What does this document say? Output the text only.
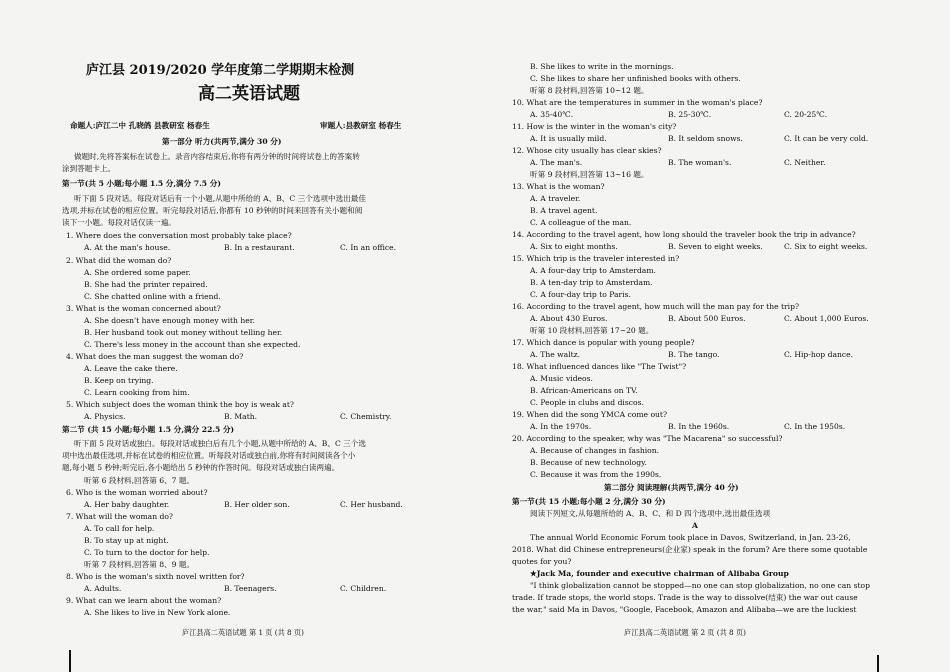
庐江县 2019/2020 学年度第二学期期末检测
高二英语试题
命题人:庐江二中 孔晓鸽 县教研室 杨春生	审题人:县教研室 杨春生
第一部分 听力(共两节,满分 30 分)
做题时,先将答案标在试卷上。录音内容结束后,你将有两分钟的时间将试卷上的答案转
涂到答题卡上。
第一节(共 5 小题;每小题 1.5 分,满分 7.5 分)
听下面 5 段对话。每段对话后有一个小题,从题中所给的 A、B、C 三个选项中选出最佳
选项,并标在试卷的相应位置。听完每段对话后,你都有 10 秒钟的时间来回答有关小题和阅
读下一小题。每段对话仅读一遍。
1. Where does the conversation most probably take place?
A. At the man's house.	B. In a restaurant.	C. In an office.
2. What did the woman do?
A. She ordered some paper.
B. She had the printer repaired.
C. She chatted online with a friend.
3. What is the woman concerned about?
A. She doesn't have enough money with her.
B. Her husband took out money without telling her.
C. There's less money in the account than she expected.
4. What does the man suggest the woman do?
A. Leave the cake there.
B. Keep on trying.
C. Learn cooking from him.
5. Which subject does the woman think the boy is weak at?
A. Physics.	B. Math.	C. Chemistry.
第二节 (共 15 小题;每小题 1.5 分,满分 22.5 分)
听下面 5 段对话或独白。每段对话或独白后有几个小题,从题中所给的 A、B、C 三个选
项中选出最佳选项,并标在试卷的相应位置。听每段对话或独白前,你将有时间阅读各个小
题,每小题 5 秒钟;听完后,各小题给出 5 秒钟的作答时间。每段对话或独白读两遍。
听第 6 段材料,回答第 6、7 题。
6. Who is the woman worried about?
A. Her baby daughter.	B. Her older son.	C. Her husband.
7. What will the woman do?
A. To call for help.
B. To stay up at night.
C. To turn to the doctor for help.
听第 7 段材料,回答第 8、9 题。
8. Who is the woman's sixth novel written for?
A. Adults.	B. Teenagers.	C. Children.
9. What can we learn about the woman?
A. She likes to live in New York alone.
庐江县高二英语试题 第 1 页 (共 8 页)
B. She likes to write in the mornings.
C. She likes to share her unfinished books with others.
听第 8 段材料,回答第 10~12 题。
10. What are the temperatures in summer in the woman's place?
A. 35-40℃.	B. 25-30℃.	C. 20-25℃.
11. How is the winter in the woman's city?
A. It is usually mild.	B. It seldom snows.	C. It can be very cold.
12. Whose city usually has clear skies?
A. The man's.	B. The woman's.	C. Neither.
听第 9 段材料,回答第 13~16 题。
13. What is the woman?
A. A traveler.
B. A travel agent.
C. A colleague of the man.
14. According to the travel agent, how long should the traveler book the trip in advance?
A. Six to eight months.	B. Seven to eight weeks.	C. Six to eight weeks.
15. Which trip is the traveler interested in?
A. A four-day trip to Amsterdam.
B. A ten-day trip to Amsterdam.
C. A four-day trip to Paris.
16. According to the travel agent, how much will the man pay for the trip?
A. About 430 Euros.	B. About 500 Euros.	C. About 1,000 Euros.
听第 10 段材料,回答第 17~20 题。
17. Which dance is popular with young people?
A. The waltz.	B. The tango.	C. Hip-hop dance.
18. What influenced dances like "The Twist"?
A. Music videos.
B. African-Americans on TV.
C. People in clubs and discos.
19. When did the song YMCA come out?
A. In the 1970s.	B. In the 1960s.	C. In the 1950s.
20. According to the speaker, why was "The Macarena" so successful?
A. Because of changes in fashion.
B. Because of new technology.
C. Because it was from the 1990s.
第二部分 阅读理解(共两节,满分 40 分)
第一节(共 15 小题;每小题 2 分,满分 30 分)
阅读下列短文,从每题所给的 A、B、C、和 D 四个选项中,选出最佳选项
A
The annual World Economic Forum took place in Davos, Switzerland, in Jan. 23-26,
2018. What did Chinese entrepreneurs(企业家) speak in the forum? Are there some quotable
quotes for you?
★Jack Ma, founder and executive chairman of Alibaba Group
"I think globalization cannot be stopped—no one can stop globalization, no one can stop
trade. If trade stops, the world stops. Trade is the way to dissolve(结束) the war out cause
the war," said Ma in Davos, "Google, Facebook, Amazon and Alibaba—we are the luckiest
庐江县高二英语试题 第 2 页 (共 8 页)
